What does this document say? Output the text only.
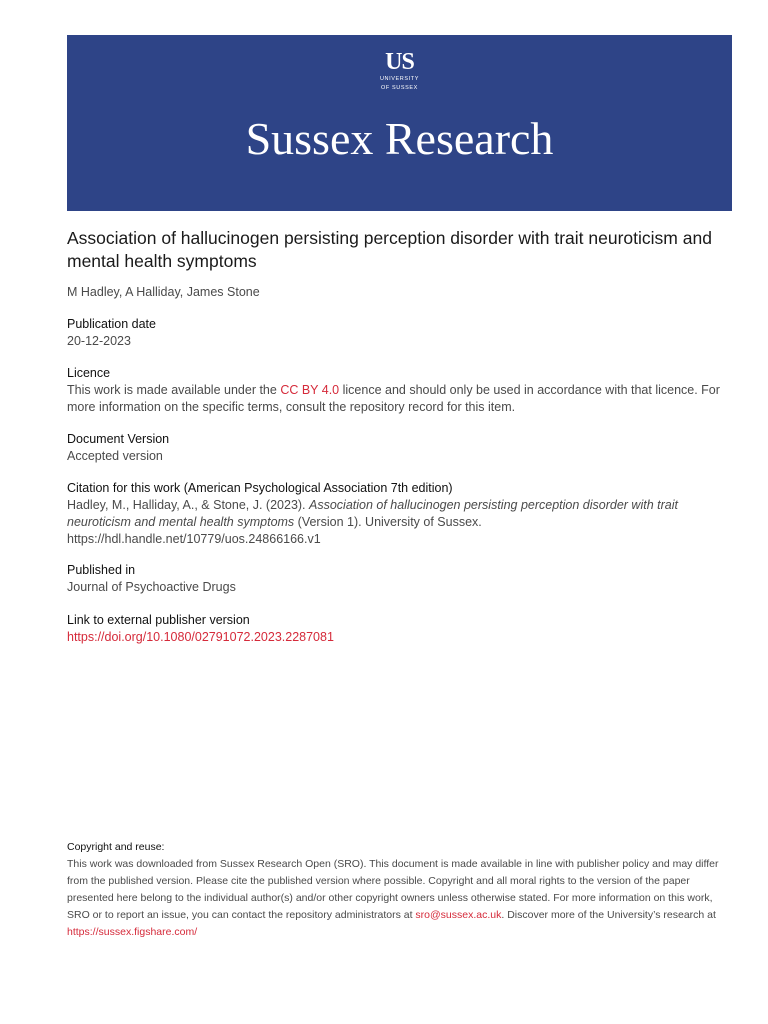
US
UNIVERSITY
OF SUSSEX
Sussex Research
Association of hallucinogen persisting perception disorder with trait neuroticism and mental health symptoms
M Hadley, A Halliday, James Stone
Publication date
20-12-2023
Licence
This work is made available under the CC BY 4.0 licence and should only be used in accordance with that licence. For more information on the specific terms, consult the repository record for this item.
Document Version
Accepted version
Citation for this work (American Psychological Association 7th edition)
Hadley, M., Halliday, A., & Stone, J. (2023). Association of hallucinogen persisting perception disorder with trait neuroticism and mental health symptoms (Version 1). University of Sussex.
https://hdl.handle.net/10779/uos.24866166.v1
Published in
Journal of Psychoactive Drugs
Link to external publisher version
https://doi.org/10.1080/02791072.2023.2287081
Copyright and reuse:
This work was downloaded from Sussex Research Open (SRO). This document is made available in line with publisher policy and may differ from the published version. Please cite the published version where possible. Copyright and all moral rights to the version of the paper presented here belong to the individual author(s) and/or other copyright owners unless otherwise stated. For more information on this work, SRO or to report an issue, you can contact the repository administrators at sro@sussex.ac.uk. Discover more of the University’s research at https://sussex.figshare.com/
